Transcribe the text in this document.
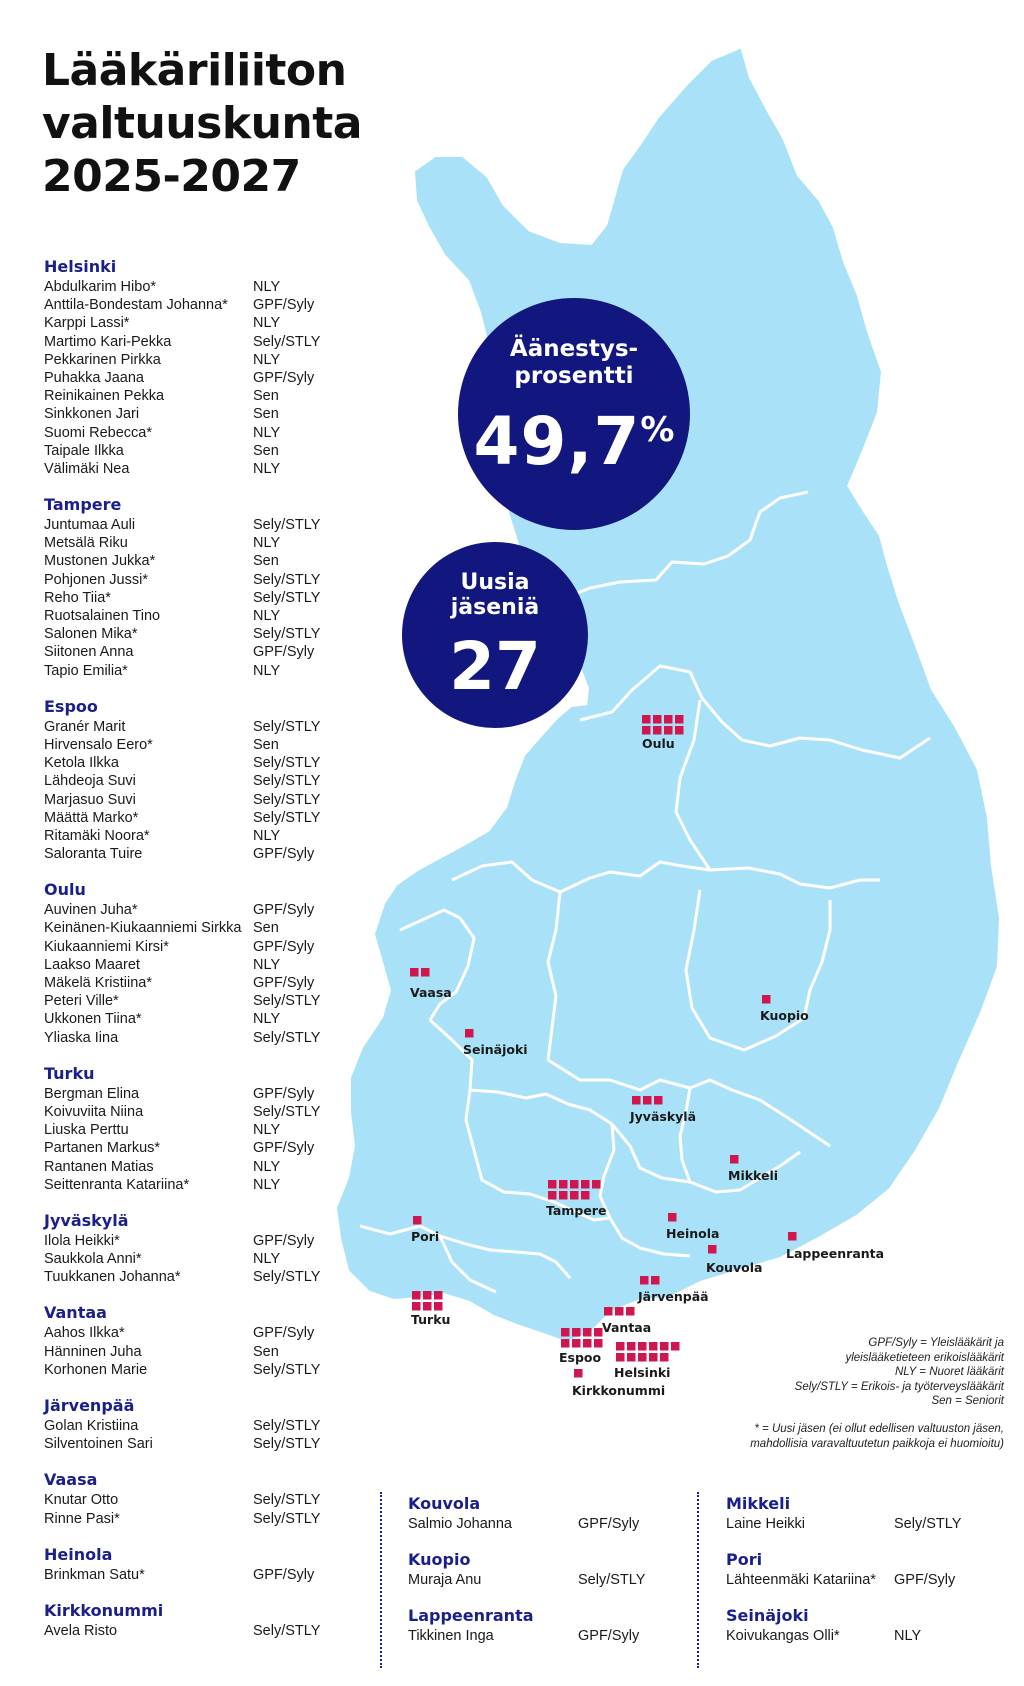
Oulu
Vaasa
Seinäjoki
Kuopio
Jyväskylä
Mikkeli
Tampere
Pori	Heinola
Kouvola
Lappeenranta
Järvenpää
Turku
Vantaa
Espoo
Helsinki
Kirkkonummi
Lääkäriliiton
valtuuskunta
2025-2027
Äänestys-
prosentti
49,7%
Uusia
jäseniä
27
Helsinki
Abdulkarim Hibo*	NLY
Anttila-Bondestam Johanna* GPF/Syly
Karppi Lassi*	NLY
Martimo Kari-Pekka	Sely/STLY
Pekkarinen Pirkka	NLY
Puhakka Jaana	GPF/Syly
Reinikainen Pekka	Sen
Sinkkonen Jari	Sen
Suomi Rebecca*	NLY
Taipale Ilkka	Sen
Välimäki Nea	NLY
Tampere
Juntumaa Auli	Sely/STLY
Metsälä Riku	NLY
Mustonen Jukka*	Sen
Pohjonen Jussi*	Sely/STLY
Reho Tiia*	Sely/STLY
Ruotsalainen Tino	NLY
Salonen Mika*	Sely/STLY
Siitonen Anna	GPF/Syly
Tapio Emilia*	NLY
Espoo
Granér Marit	Sely/STLY
Hirvensalo Eero*	Sen
Ketola Ilkka	Sely/STLY
Lähdeoja Suvi	Sely/STLY
Marjasuo Suvi	Sely/STLY
Määttä Marko*	Sely/STLY
Ritamäki Noora*	NLY
Saloranta Tuire	GPF/Syly
Oulu
Auvinen Juha*	GPF/Syly
Keinänen-Kiukaanniemi Sirkka Sen
Kiukaanniemi Kirsi*	GPF/Syly
Laakso Maaret	NLY
Mäkelä Kristiina*	GPF/Syly
Peteri Ville*	Sely/STLY
Ukkonen Tiina*	NLY
Yliaska Iina	Sely/STLY
Turku
Bergman Elina	GPF/Syly
Koivuviita Niina	Sely/STLY
Liuska Perttu	NLY
Partanen Markus*	GPF/Syly
Rantanen Matias	NLY
Seittenranta Katariina*	NLY
Jyväskylä
Ilola Heikki*	GPF/Syly
Saukkola Anni*	NLY
Tuukkanen Johanna*	Sely/STLY
Vantaa
Aahos Ilkka*	GPF/Syly
Hänninen Juha	Sen
Korhonen Marie	Sely/STLY
Järvenpää
Golan Kristiina	Sely/STLY
Silventoinen Sari	Sely/STLY
Vaasa
Knutar Otto	Sely/STLY
Rinne Pasi*	Sely/STLY
Heinola
Brinkman Satu*	GPF/Syly
Kirkkonummi
Avela Risto	Sely/STLY
Kouvola
Salmio Johanna	GPF/Syly
Kuopio
Muraja Anu	Sely/STLY
Lappeenranta
Tikkinen Inga	GPF/Syly
Mikkeli
Laine Heikki	Sely/STLY
Pori
Lähteenmäki Katariina* GPF/Syly
Seinäjoki
Koivukangas Olli*	NLY
GPF/Syly = Yleislääkärit ja
yleislääketieteen erikoislääkärit
NLY = Nuoret lääkärit
Sely/STLY = Erikois- ja työterveyslääkärit
Sen = Seniorit
* = Uusi jäsen (ei ollut edellisen valtuuston jäsen,
mahdollisia varavaltuutetun paikkoja ei huomioitu)
